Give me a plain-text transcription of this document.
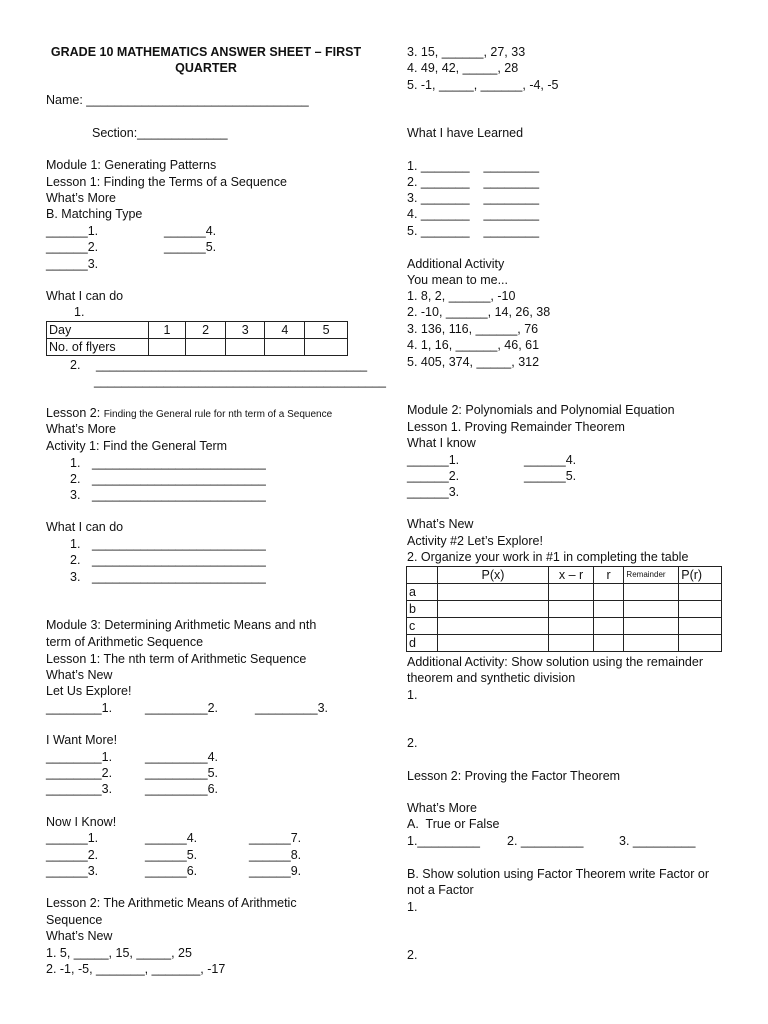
GRADE 10 MATHEMATICS ANSWER SHEET – FIRST QUARTER
Name: ________________________________
Section:_____________
Module 1: Generating Patterns
Lesson 1: Finding the Terms of a Sequence
What’s More
B. Matching Type
______1.	______4.
______2.	______5.
______3.
What I can do
1.
Day	1	2	3	4	5
No. of flyers					
2. _______________________________________
__________________________________________
Lesson 2: Finding the General rule for nth term of a Sequence
What’s More
Activity 1: Find the General Term
1. _________________________
2. _________________________
3. _________________________
What I can do
1. _________________________
2. _________________________
3. _________________________
Module 3: Determining Arithmetic Means and nth
term of Arithmetic Sequence
Lesson 1: The nth term of Arithmetic Sequence
What’s New
Let Us Explore!
________1.	_________2.	_________3.
I Want More!
________1.	_________4.
________2.	_________5.
________3.	_________6.
Now I Know!
______1.	______4.	______7.
______2.	______5.	______8.
______3.	______6.	______9.
Lesson 2: The Arithmetic Means of Arithmetic
Sequence
What’s New
1. 5, _____, 15, _____, 25
2. -1, -5, _______, _______, -17
3. 15, ______, 27, 33
4. 49, 42, _____, 28
5. -1, _____, ______, -4, -5
What I have Learned
1. _______    ________
2. _______    ________
3. _______    ________
4. _______    ________
5. _______    ________
Additional Activity
You mean to me...
1. 8, 2, ______, -10
2. -10, ______, 14, 26, 38
3. 136, 116, ______, 76
4. 1, 16, ______, 46, 61
5. 405, 374, _____, 312
Module 2: Polynomials and Polynomial Equation
Lesson 1. Proving Remainder Theorem
What I know
______1.	______4.
______2.	______5.
______3.
What’s New
Activity #2 Let’s Explore!
2. Organize your work in #1 in completing the table
	P(x)	x – r	r	Remainder	P(r)
a					
b					
c					
d					
Additional Activity: Show solution using the remainder
theorem and synthetic division
1.
2.
Lesson 2: Proving the Factor Theorem
What’s More
A.  True or False
1._________ 2. _________	3. _________
B. Show solution using Factor Theorem write Factor or
not a Factor
1.
2.
